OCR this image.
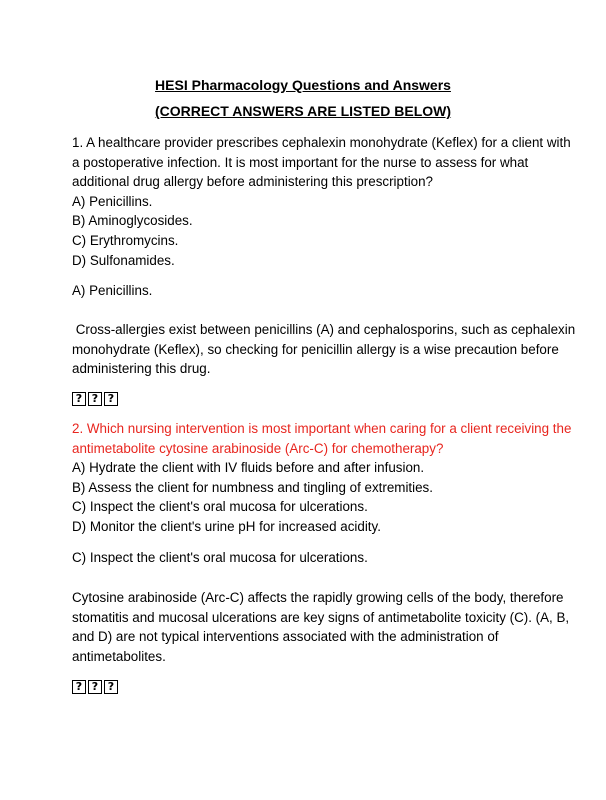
HESI Pharmacology Questions and Answers
(CORRECT ANSWERS ARE LISTED BELOW)
1. A healthcare provider prescribes cephalexin monohydrate (Keflex) for a client with
a postoperative infection. It is most important for the nurse to assess for what
additional drug allergy before administering this prescription?
A) Penicillins.
B) Aminoglycosides.
C) Erythromycins.
D) Sulfonamides.
A) Penicillins.
Cross-allergies exist between penicillins (A) and cephalosporins, such as cephalexin
monohydrate (Keflex), so checking for penicillin allergy is a wise precaution before
administering this drug.
? ? ?
2. Which nursing intervention is most important when caring for a client receiving the
antimetabolite cytosine arabinoside (Arc-C) for chemotherapy?
A) Hydrate the client with IV fluids before and after infusion.
B) Assess the client for numbness and tingling of extremities.
C) Inspect the client's oral mucosa for ulcerations.
D) Monitor the client's urine pH for increased acidity.
C) Inspect the client's oral mucosa for ulcerations.
Cytosine arabinoside (Arc-C) affects the rapidly growing cells of the body, therefore
stomatitis and mucosal ulcerations are key signs of antimetabolite toxicity (C). (A, B,
and D) are not typical interventions associated with the administration of
antimetabolites.
? ? ?
